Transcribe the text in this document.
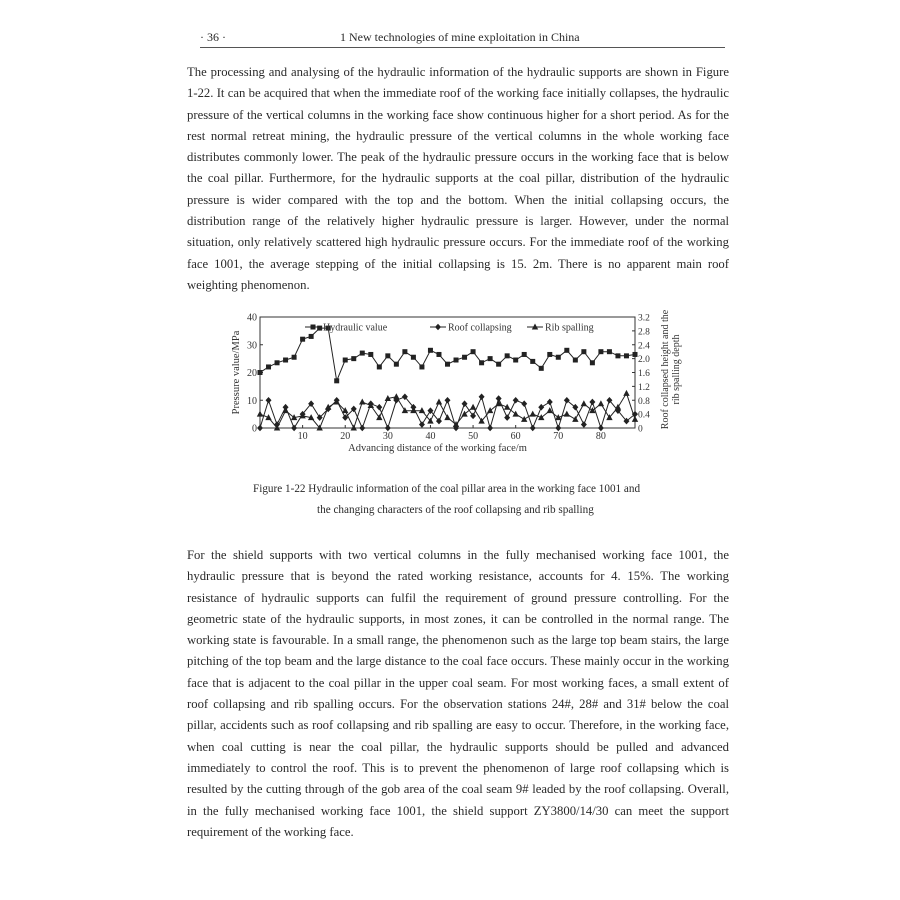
· 36 ·	1 New technologies of mine exploitation in China

The processing and analysing of the hydraulic information of the hydraulic supports are shown in Figure 1-22. It can be acquired that when the immediate roof of the working face initially collapses, the hydraulic pressure of the vertical columns in the working face show continuous higher for a short period. As for the rest normal retreat mining, the hydraulic pressure of the vertical columns in the whole working face distributes commonly lower. The peak of the hydraulic pressure occurs in the working face that is below the coal pillar. Furthermore, for the hydraulic supports at the coal pillar, distribution of the hydraulic pressure is wider compared with the top and the bottom. When the initial collapsing occurs, the distribution range of the relatively higher hydraulic pressure is larger. However, under the normal situation, only relatively scattered high hydraulic pressure occurs. For the immediate roof of the working face 1001, the average stepping of the initial collapsing is 15. 2m. There is no apparent main roof weighting phenomenon.

10	20	30	40	50	60	70	80
0
10
20
30
40
0
0.4
0.8
1.2
1.6
2.0
2.4
2.8
3.2
Advancing distance of the working face/m
Pressure value/MPa	Roof collapsed height and the rib spalling depth
Hydraulic value	Roof collapsing	Rib spalling
Figure 1-22 Hydraulic information of the coal pillar area in the working face 1001 and
the changing characters of the roof collapsing and rib spalling

For the shield supports with two vertical columns in the fully mechanised working face 1001, the hydraulic pressure that is beyond the rated working resistance, accounts for 4. 15%. The working resistance of hydraulic supports can fulfil the requirement of ground pressure controlling. For the geometric state of the hydraulic supports, in most zones, it can be controlled in the normal range. The working state is favourable. In a small range, the phenomenon such as the large top beam stairs, the large pitching of the top beam and the large distance to the coal face occurs. These mainly occur in the working face that is adjacent to the coal pillar in the upper coal seam. For most working faces, a small extent of roof collapsing and rib spalling occurs. For the observation stations 24#, 28# and 31# below the coal pillar, accidents such as roof collapsing and rib spalling are easy to occur. Therefore, in the working face, when coal cutting is near the coal pillar, the hydraulic supports should be pulled and advanced immediately to control the roof. This is to prevent the phenomenon of large roof collapsing which is resulted by the cutting through of the gob area of the coal seam 9# leaded by the roof collapsing. Overall, in the fully mechanised working face 1001, the shield support ZY3800/14/30 can meet the support requirement of the working face.
